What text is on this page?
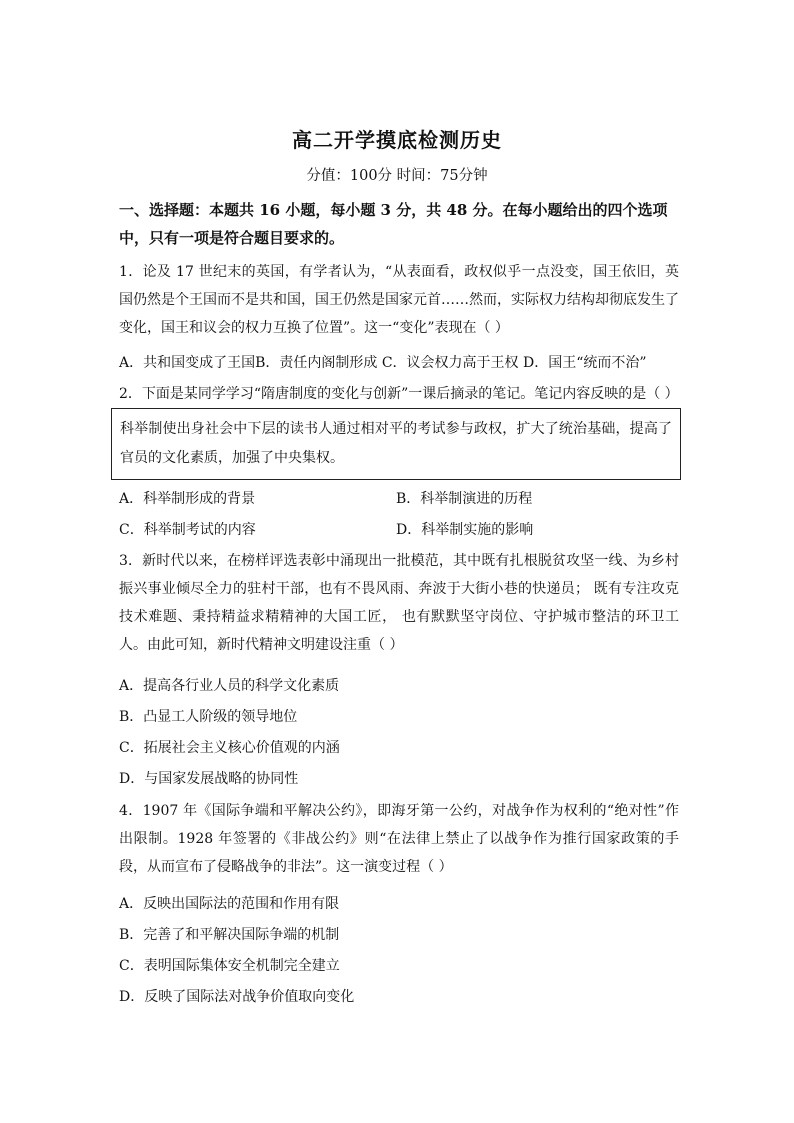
高二开学摸底检测历史
分值：100分 时间：75分钟
一、选择题：本题共 16 小题，每小题 3 分，共 48 分。在每小题给出的四个选项中，只有一项是符合题目要求的。
1．论及 17 世纪末的英国，有学者认为，“从表面看，政权似乎一点没变，国王依旧，英国仍然是个王国而不是共和国，国王仍然是国家元首……然而，实际权力结构却彻底发生了变化，国王和议会的权力互换了位置”。这一“变化”表现在（ ）
A．共和国变成了王国B．责任内阁制形成 C．议会权力高于王权 D．国王“统而不治”
2．下面是某同学学习“隋唐制度的变化与创新”一课后摘录的笔记。笔记内容反映的是（ ）
科举制使出身社会中下层的读书人通过相对平的考试参与政权，扩大了统治基础，提高了官员的文化素质，加强了中央集权。
A．科举制形成的背景	B．科举制演进的历程
C．科举制考试的内容	D．科举制实施的影响
3．新时代以来，在榜样评选表彰中涌现出一批模范，其中既有扎根脱贫攻坚一线、为乡村振兴事业倾尽全力的驻村干部，也有不畏风雨、奔波于大街小巷的快递员； 既有专注攻克技术难题、秉持精益求精精神的大国工匠， 也有默默坚守岗位、守护城市整洁的环卫工人。由此可知，新时代精神文明建设注重（ ）
A．提高各行业人员的科学文化素质
B．凸显工人阶级的领导地位
C．拓展社会主义核心价值观的内涵
D．与国家发展战略的协同性
4．1907 年《国际争端和平解决公约》，即海牙第一公约，对战争作为权利的“绝对性”作出限制。1928 年签署的《非战公约》则“在法律上禁止了以战争作为推行国家政策的手段，从而宣布了侵略战争的非法”。这一演变过程（ ）
A．反映出国际法的范围和作用有限
B．完善了和平解决国际争端的机制
C．表明国际集体安全机制完全建立
D．反映了国际法对战争价值取向变化
